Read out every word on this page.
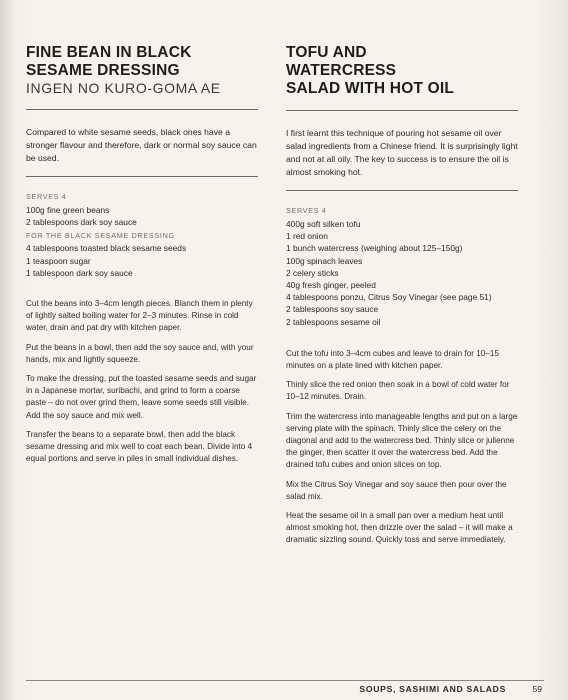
FINE BEAN IN BLACK
SESAME DRESSING
INGEN NO KURO-GOMA AE

Compared to white sesame seeds, black ones have a stronger flavour and therefore, dark or normal soy sauce can be used.

SERVES 4
100g fine green beans
2 tablespoons dark soy sauce
FOR THE BLACK SESAME DRESSING
4 tablespoons toasted black sesame seeds
1 teaspoon sugar
1 tablespoon dark soy sauce

Cut the beans into 3–4cm length pieces. Blanch them in plenty of lightly salted boiling water for 2–3 minutes. Rinse in cold water, drain and pat dry with kitchen paper.

Put the beans in a bowl, then add the soy sauce and, with your hands, mix and lightly squeeze.

To make the dressing, put the toasted sesame seeds and sugar in a Japanese mortar, suribachi, and grind to form a coarse paste – do not over grind them, leave some seeds still visible. Add the soy sauce and mix well.

Transfer the beans to a separate bowl, then add the black sesame dressing and mix well to coat each bean. Divide into 4 equal portions and serve in piles in small individual dishes.

TOFU AND
WATERCRESS
SALAD WITH HOT OIL

I first learnt this technique of pouring hot sesame oil over salad ingredients from a Chinese friend. It is surprisingly light and not at all oily. The key to success is to ensure the oil is almost smoking hot.

SERVES 4
400g soft silken tofu
1 red onion
1 bunch watercress (weighing about 125–150g)
100g spinach leaves
2 celery sticks
40g fresh ginger, peeled
4 tablespoons ponzu, Citrus Soy Vinegar (see page 51)
2 tablespoons soy sauce
2 tablespoons sesame oil

Cut the tofu into 3–4cm cubes and leave to drain for 10–15 minutes on a plate lined with kitchen paper.

Thinly slice the red onion then soak in a bowl of cold water for 10–12 minutes. Drain.

Trim the watercress into manageable lengths and put on a large serving plate with the spinach. Thinly slice the celery on the diagonal and add to the watercress bed. Thinly slice or julienne the ginger, then scatter it over the watercress bed. Add the drained tofu cubes and onion slices on top.

Mix the Citrus Soy Vinegar and soy sauce then pour over the salad mix.

Heat the sesame oil in a small pan over a medium heat until almost smoking hot, then drizzle over the salad – it will make a dramatic sizzling sound. Quickly toss and serve immediately.

SOUPS, SASHIMI AND SALADS	59
